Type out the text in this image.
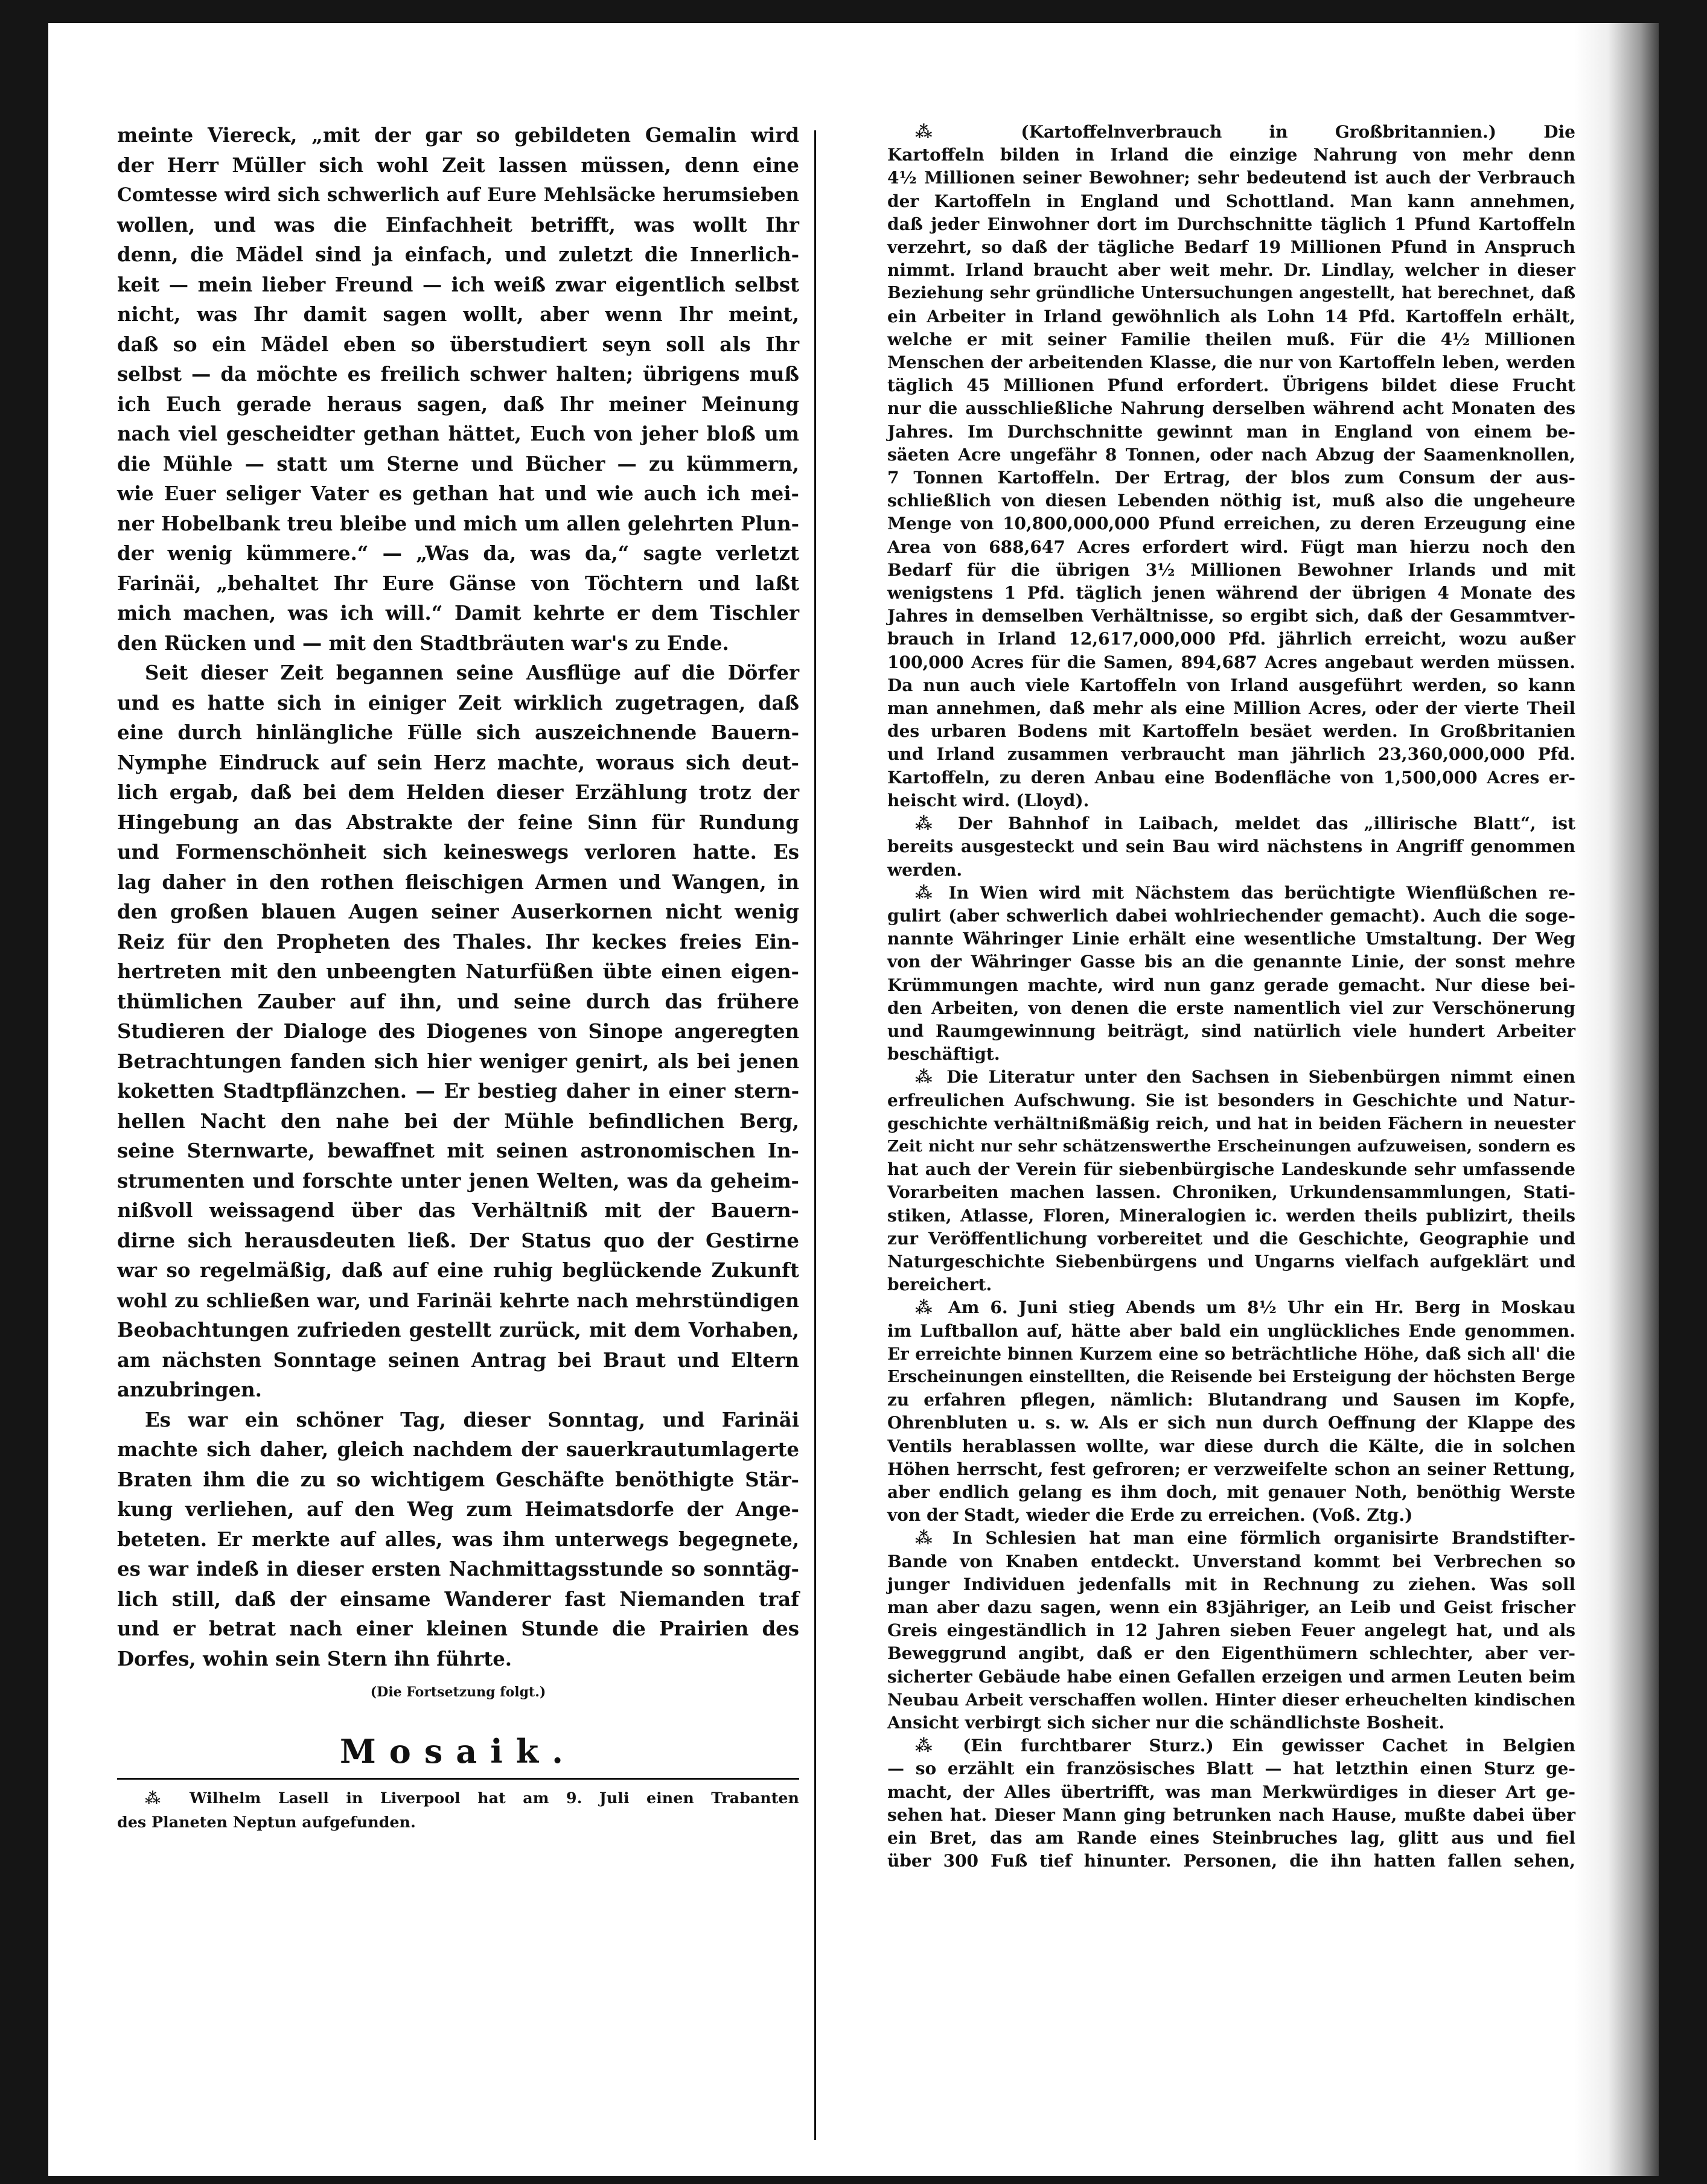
meinte Viereck, „mit der gar so gebildeten Gemalin wird
der Herr Müller sich wohl Zeit lassen müssen, denn eine
Comtesse wird sich schwerlich auf Eure Mehlsäcke herumsieben
wollen, und was die Einfachheit betrifft, was wollt Ihr
denn, die Mädel sind ja einfach, und zuletzt die Innerlich-
keit — mein lieber Freund — ich weiß zwar eigentlich selbst
nicht, was Ihr damit sagen wollt, aber wenn Ihr meint,
daß so ein Mädel eben so überstudiert seyn soll als Ihr
selbst — da möchte es freilich schwer halten; übrigens muß
ich Euch gerade heraus sagen, daß Ihr meiner Meinung
nach viel gescheidter gethan hättet, Euch von jeher bloß um
die Mühle — statt um Sterne und Bücher — zu kümmern,
wie Euer seliger Vater es gethan hat und wie auch ich mei-
ner Hobelbank treu bleibe und mich um allen gelehrten Plun-
der wenig kümmere.“ — „Was da, was da,“ sagte verletzt
Farinäi, „behaltet Ihr Eure Gänse von Töchtern und laßt
mich machen, was ich will.“ Damit kehrte er dem Tischler
den Rücken und — mit den Stadtbräuten war's zu Ende.
Seit dieser Zeit begannen seine Ausflüge auf die Dörfer
und es hatte sich in einiger Zeit wirklich zugetragen, daß
eine durch hinlängliche Fülle sich auszeichnende Bauern-
Nymphe Eindruck auf sein Herz machte, woraus sich deut-
lich ergab, daß bei dem Helden dieser Erzählung trotz der
Hingebung an das Abstrakte der feine Sinn für Rundung
und Formenschönheit sich keineswegs verloren hatte. Es
lag daher in den rothen fleischigen Armen und Wangen, in
den großen blauen Augen seiner Auserkornen nicht wenig
Reiz für den Propheten des Thales. Ihr keckes freies Ein-
hertreten mit den unbeengten Naturfüßen übte einen eigen-
thümlichen Zauber auf ihn, und seine durch das frühere
Studieren der Dialoge des Diogenes von Sinope angeregten
Betrachtungen fanden sich hier weniger genirt, als bei jenen
koketten Stadtpflänzchen. — Er bestieg daher in einer stern-
hellen Nacht den nahe bei der Mühle befindlichen Berg,
seine Sternwarte, bewaffnet mit seinen astronomischen In-
strumenten und forschte unter jenen Welten, was da geheim-
nißvoll weissagend über das Verhältniß mit der Bauern-
dirne sich herausdeuten ließ. Der Status quo der Gestirne
war so regelmäßig, daß auf eine ruhig beglückende Zukunft
wohl zu schließen war, und Farinäi kehrte nach mehrstündigen
Beobachtungen zufrieden gestellt zurück, mit dem Vorhaben,
am nächsten Sonntage seinen Antrag bei Braut und Eltern
anzubringen.
Es war ein schöner Tag, dieser Sonntag, und Farinäi
machte sich daher, gleich nachdem der sauerkrautumlagerte
Braten ihm die zu so wichtigem Geschäfte benöthigte Stär-
kung verliehen, auf den Weg zum Heimatsdorfe der Ange-
beteten. Er merkte auf alles, was ihm unterwegs begegnete,
es war indeß in dieser ersten Nachmittagsstunde so sonntäg-
lich still, daß der einsame Wanderer fast Niemanden traf
und er betrat nach einer kleinen Stunde die Prairien des
Dorfes, wohin sein Stern ihn führte.
(Die Fortsetzung folgt.)
Mosaik.
⁂ Wilhelm Lasell in Liverpool hat am 9. Juli einen Trabanten
des Planeten Neptun aufgefunden.
⁂ (Kartoffelnverbrauch in Großbritannien.) Die
Kartoffeln bilden in Irland die einzige Nahrung von mehr denn
4½ Millionen seiner Bewohner; sehr bedeutend ist auch der Verbrauch
der Kartoffeln in England und Schottland. Man kann annehmen,
daß jeder Einwohner dort im Durchschnitte täglich 1 Pfund Kartoffeln
verzehrt, so daß der tägliche Bedarf 19 Millionen Pfund in Anspruch
nimmt. Irland braucht aber weit mehr. Dr. Lindlay, welcher in dieser
Beziehung sehr gründliche Untersuchungen angestellt, hat berechnet, daß
ein Arbeiter in Irland gewöhnlich als Lohn 14 Pfd. Kartoffeln erhält,
welche er mit seiner Familie theilen muß. Für die 4½ Millionen
Menschen der arbeitenden Klasse, die nur von Kartoffeln leben, werden
täglich 45 Millionen Pfund erfordert. Übrigens bildet diese Frucht
nur die ausschließliche Nahrung derselben während acht Monaten des
Jahres. Im Durchschnitte gewinnt man in England von einem be-
säeten Acre ungefähr 8 Tonnen, oder nach Abzug der Saamenknollen,
7 Tonnen Kartoffeln. Der Ertrag, der blos zum Consum der aus-
schließlich von diesen Lebenden nöthig ist, muß also die ungeheure
Menge von 10,800,000,000 Pfund erreichen, zu deren Erzeugung eine
Area von 688,647 Acres erfordert wird. Fügt man hierzu noch den
Bedarf für die übrigen 3½ Millionen Bewohner Irlands und mit
wenigstens 1 Pfd. täglich jenen während der übrigen 4 Monate des
Jahres in demselben Verhältnisse, so ergibt sich, daß der Gesammtver-
brauch in Irland 12,617,000,000 Pfd. jährlich erreicht, wozu außer
100,000 Acres für die Samen, 894,687 Acres angebaut werden müssen.
Da nun auch viele Kartoffeln von Irland ausgeführt werden, so kann
man annehmen, daß mehr als eine Million Acres, oder der vierte Theil
des urbaren Bodens mit Kartoffeln besäet werden. In Großbritanien
und Irland zusammen verbraucht man jährlich 23,360,000,000 Pfd.
Kartoffeln, zu deren Anbau eine Bodenfläche von 1,500,000 Acres er-
heischt wird. (Lloyd).
⁂ Der Bahnhof in Laibach, meldet das „illirische Blatt“, ist
bereits ausgesteckt und sein Bau wird nächstens in Angriff genommen
werden.
⁂ In Wien wird mit Nächstem das berüchtigte Wienflüßchen re-
gulirt (aber schwerlich dabei wohlriechender gemacht). Auch die soge-
nannte Währinger Linie erhält eine wesentliche Umstaltung. Der Weg
von der Währinger Gasse bis an die genannte Linie, der sonst mehre
Krümmungen machte, wird nun ganz gerade gemacht. Nur diese bei-
den Arbeiten, von denen die erste namentlich viel zur Verschönerung
und Raumgewinnung beiträgt, sind natürlich viele hundert Arbeiter
beschäftigt.
⁂ Die Literatur unter den Sachsen in Siebenbürgen nimmt einen
erfreulichen Aufschwung. Sie ist besonders in Geschichte und Natur-
geschichte verhältnißmäßig reich, und hat in beiden Fächern in neuester
Zeit nicht nur sehr schätzenswerthe Erscheinungen aufzuweisen, sondern es
hat auch der Verein für siebenbürgische Landeskunde sehr umfassende
Vorarbeiten machen lassen. Chroniken, Urkundensammlungen, Stati-
stiken, Atlasse, Floren, Mineralogien ic. werden theils publizirt, theils
zur Veröffentlichung vorbereitet und die Geschichte, Geographie und
Naturgeschichte Siebenbürgens und Ungarns vielfach aufgeklärt und
bereichert.
⁂ Am 6. Juni stieg Abends um 8½ Uhr ein Hr. Berg in Moskau
im Luftballon auf, hätte aber bald ein unglückliches Ende genommen.
Er erreichte binnen Kurzem eine so beträchtliche Höhe, daß sich all' die
Erscheinungen einstellten, die Reisende bei Ersteigung der höchsten Berge
zu erfahren pflegen, nämlich: Blutandrang und Sausen im Kopfe,
Ohrenbluten u. s. w. Als er sich nun durch Oeffnung der Klappe des
Ventils herablassen wollte, war diese durch die Kälte, die in solchen
Höhen herrscht, fest gefroren; er verzweifelte schon an seiner Rettung,
aber endlich gelang es ihm doch, mit genauer Noth, benöthig Werste
von der Stadt, wieder die Erde zu erreichen. (Voß. Ztg.)
⁂ In Schlesien hat man eine förmlich organisirte Brandstifter-
Bande von Knaben entdeckt. Unverstand kommt bei Verbrechen so
junger Individuen jedenfalls mit in Rechnung zu ziehen. Was soll
man aber dazu sagen, wenn ein 83jähriger, an Leib und Geist frischer
Greis eingeständlich in 12 Jahren sieben Feuer angelegt hat, und als
Beweggrund angibt, daß er den Eigenthümern schlechter, aber ver-
sicherter Gebäude habe einen Gefallen erzeigen und armen Leuten beim
Neubau Arbeit verschaffen wollen. Hinter dieser erheuchelten kindischen
Ansicht verbirgt sich sicher nur die schändlichste Bosheit.
⁂ (Ein furchtbarer Sturz.) Ein gewisser Cachet in Belgien
— so erzählt ein französisches Blatt — hat letzthin einen Sturz ge-
macht, der Alles übertrifft, was man Merkwürdiges in dieser Art ge-
sehen hat. Dieser Mann ging betrunken nach Hause, mußte dabei über
ein Bret, das am Rande eines Steinbruches lag, glitt aus und fiel
über 300 Fuß tief hinunter. Personen, die ihn hatten fallen sehen,
